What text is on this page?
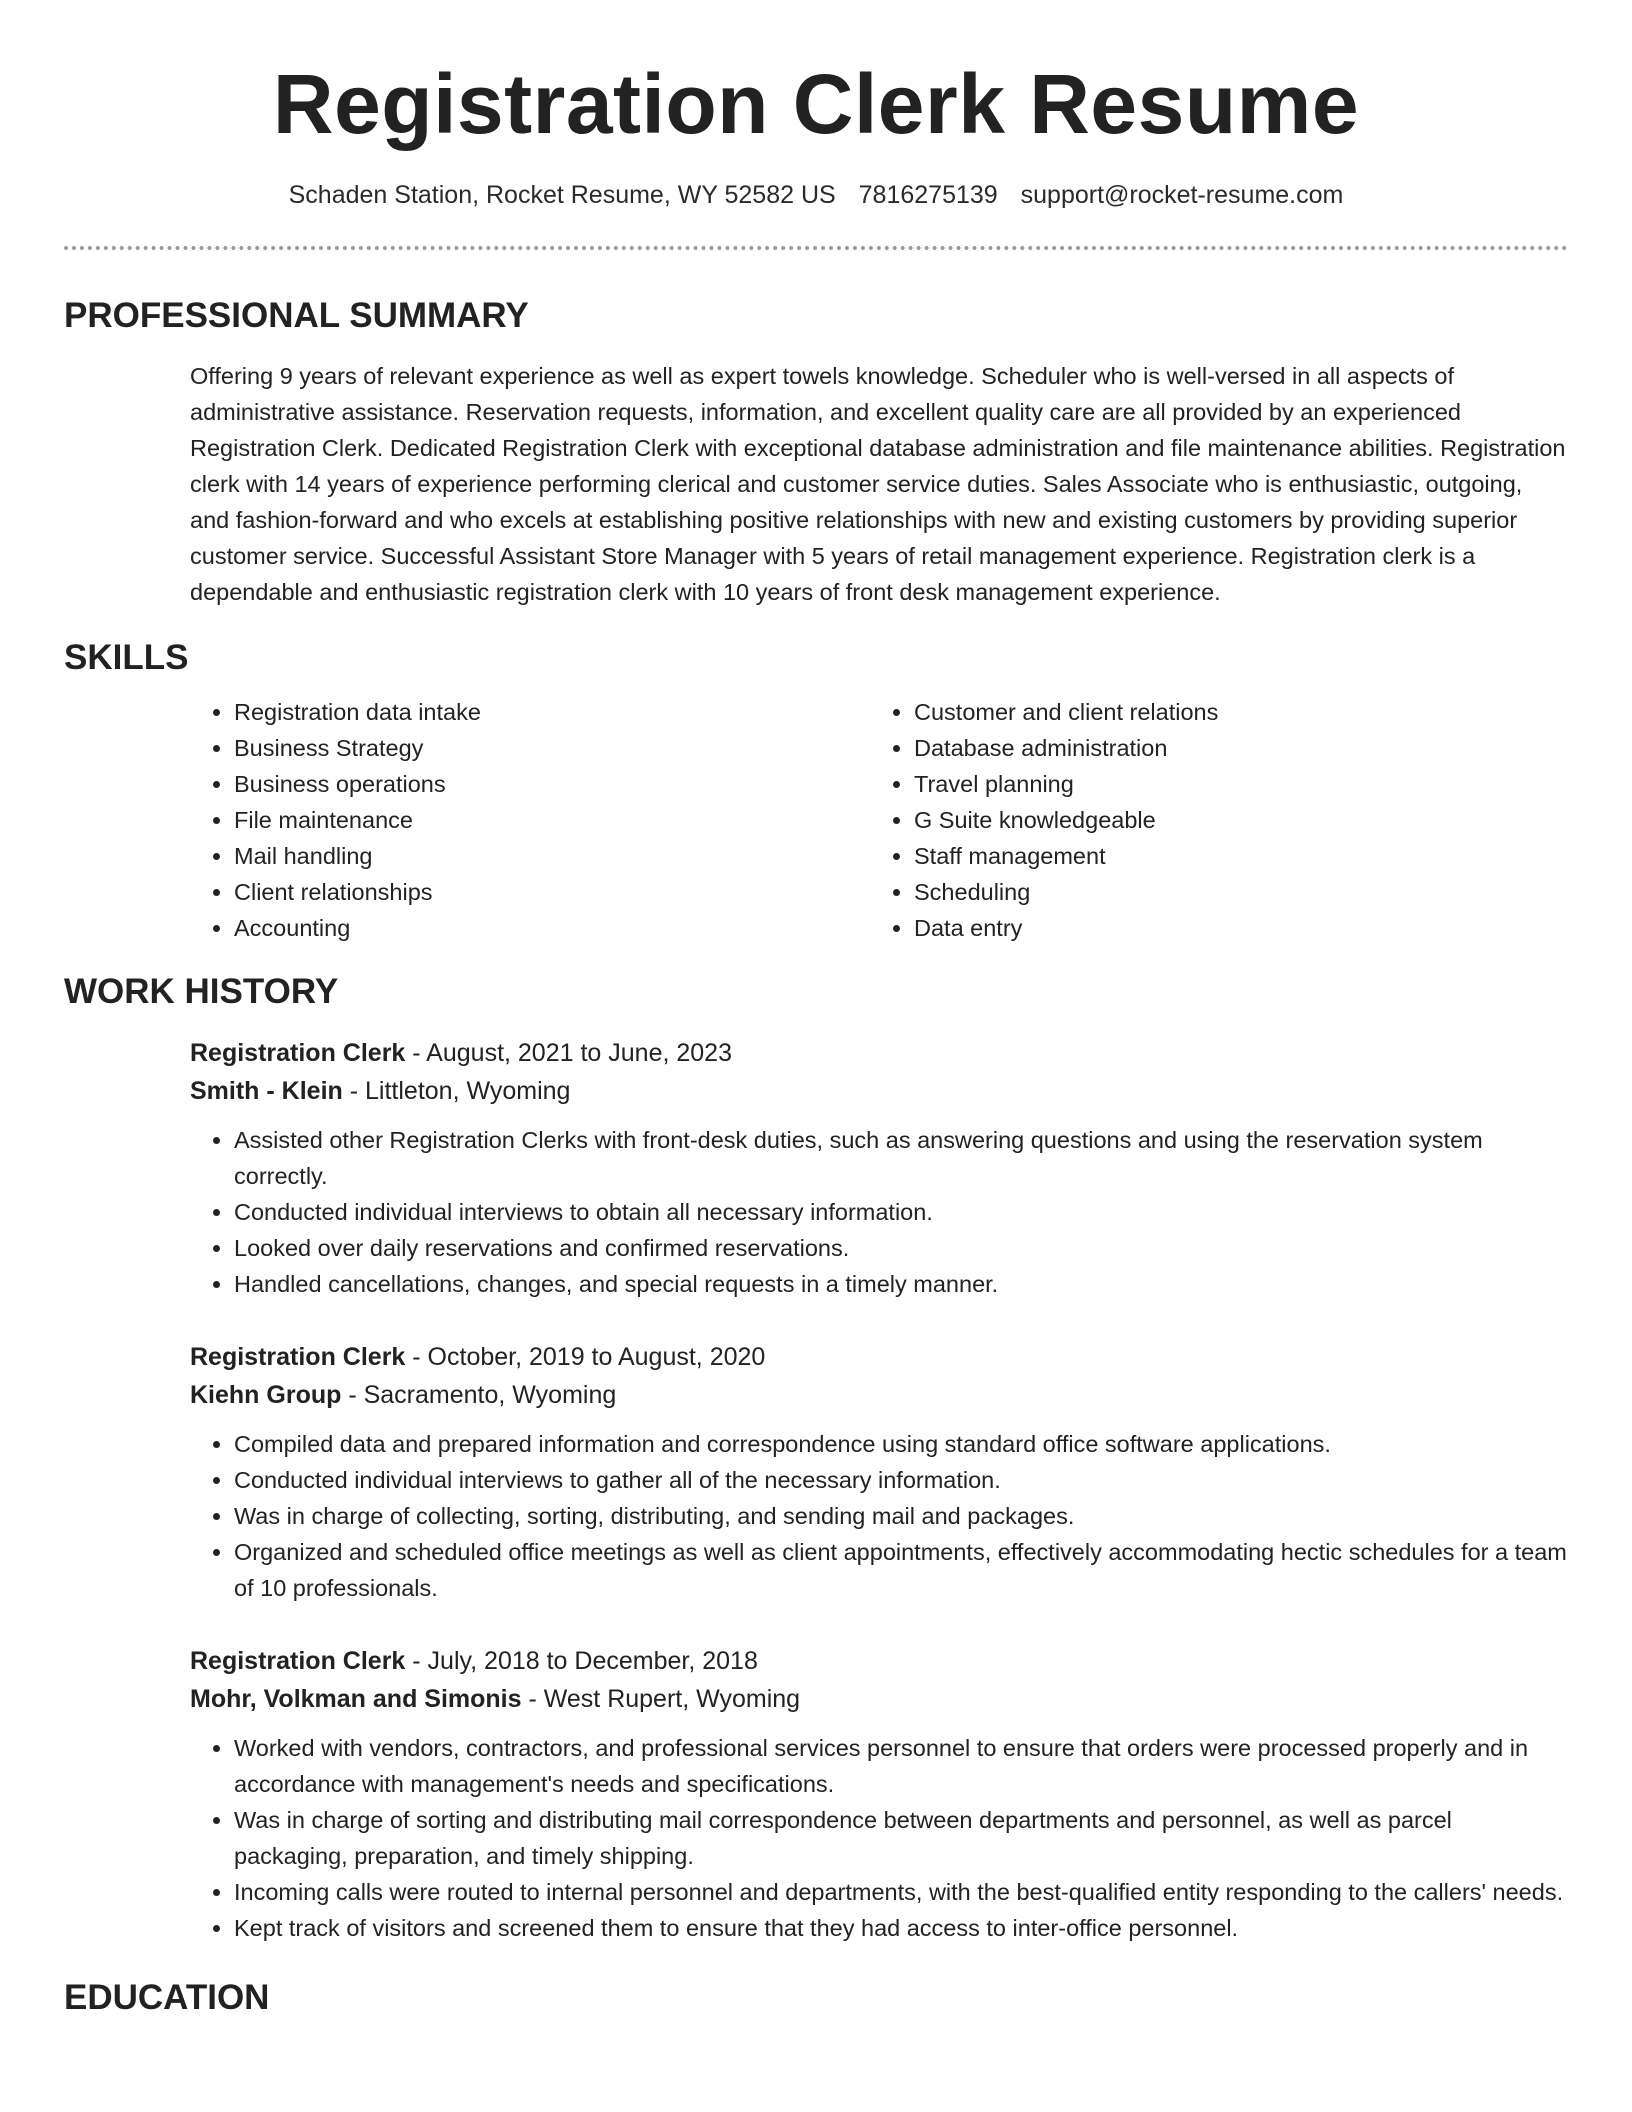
Registration Clerk Resume
Schaden Station, Rocket Resume, WY 52582 US 7816275139 support@rocket-resume.com
PROFESSIONAL SUMMARY

Offering 9 years of relevant experience as well as expert towels knowledge. Scheduler who is well-versed in all aspects of administrative assistance. Reservation requests, information, and excellent quality care are all provided by an experienced Registration Clerk. Dedicated Registration Clerk with exceptional database administration and file maintenance abilities. Registration clerk with 14 years of experience performing clerical and customer service duties. Sales Associate who is enthusiastic, outgoing, and fashion-forward and who excels at establishing positive relationships with new and existing customers by providing superior customer service. Successful Assistant Store Manager with 5 years of retail management experience. Registration clerk is a dependable and enthusiastic registration clerk with 10 years of front desk management experience.

SKILLS
• Registration data intake
• Business Strategy
• Business operations
• File maintenance
• Mail handling
• Client relationships
• Accounting
• Customer and client relations
• Database administration
• Travel planning
• G Suite knowledgeable
• Staff management
• Scheduling
• Data entry
WORK HISTORY
Registration Clerk - August, 2021 to June, 2023
Smith - Klein - Littleton, Wyoming
• Assisted other Registration Clerks with front-desk duties, such as answering questions and using the reservation system correctly.
• Conducted individual interviews to obtain all necessary information.
• Looked over daily reservations and confirmed reservations.
• Handled cancellations, changes, and special requests in a timely manner.
Registration Clerk - October, 2019 to August, 2020
Kiehn Group - Sacramento, Wyoming
• Compiled data and prepared information and correspondence using standard office software applications.
• Conducted individual interviews to gather all of the necessary information.
• Was in charge of collecting, sorting, distributing, and sending mail and packages.
• Organized and scheduled office meetings as well as client appointments, effectively accommodating hectic schedules for a team of 10 professionals.
Registration Clerk - July, 2018 to December, 2018
Mohr, Volkman and Simonis - West Rupert, Wyoming
• Worked with vendors, contractors, and professional services personnel to ensure that orders were processed properly and in accordance with management's needs and specifications.
• Was in charge of sorting and distributing mail correspondence between departments and personnel, as well as parcel packaging, preparation, and timely shipping.
• Incoming calls were routed to internal personnel and departments, with the best-qualified entity responding to the callers' needs.
• Kept track of visitors and screened them to ensure that they had access to inter-office personnel.
EDUCATION
